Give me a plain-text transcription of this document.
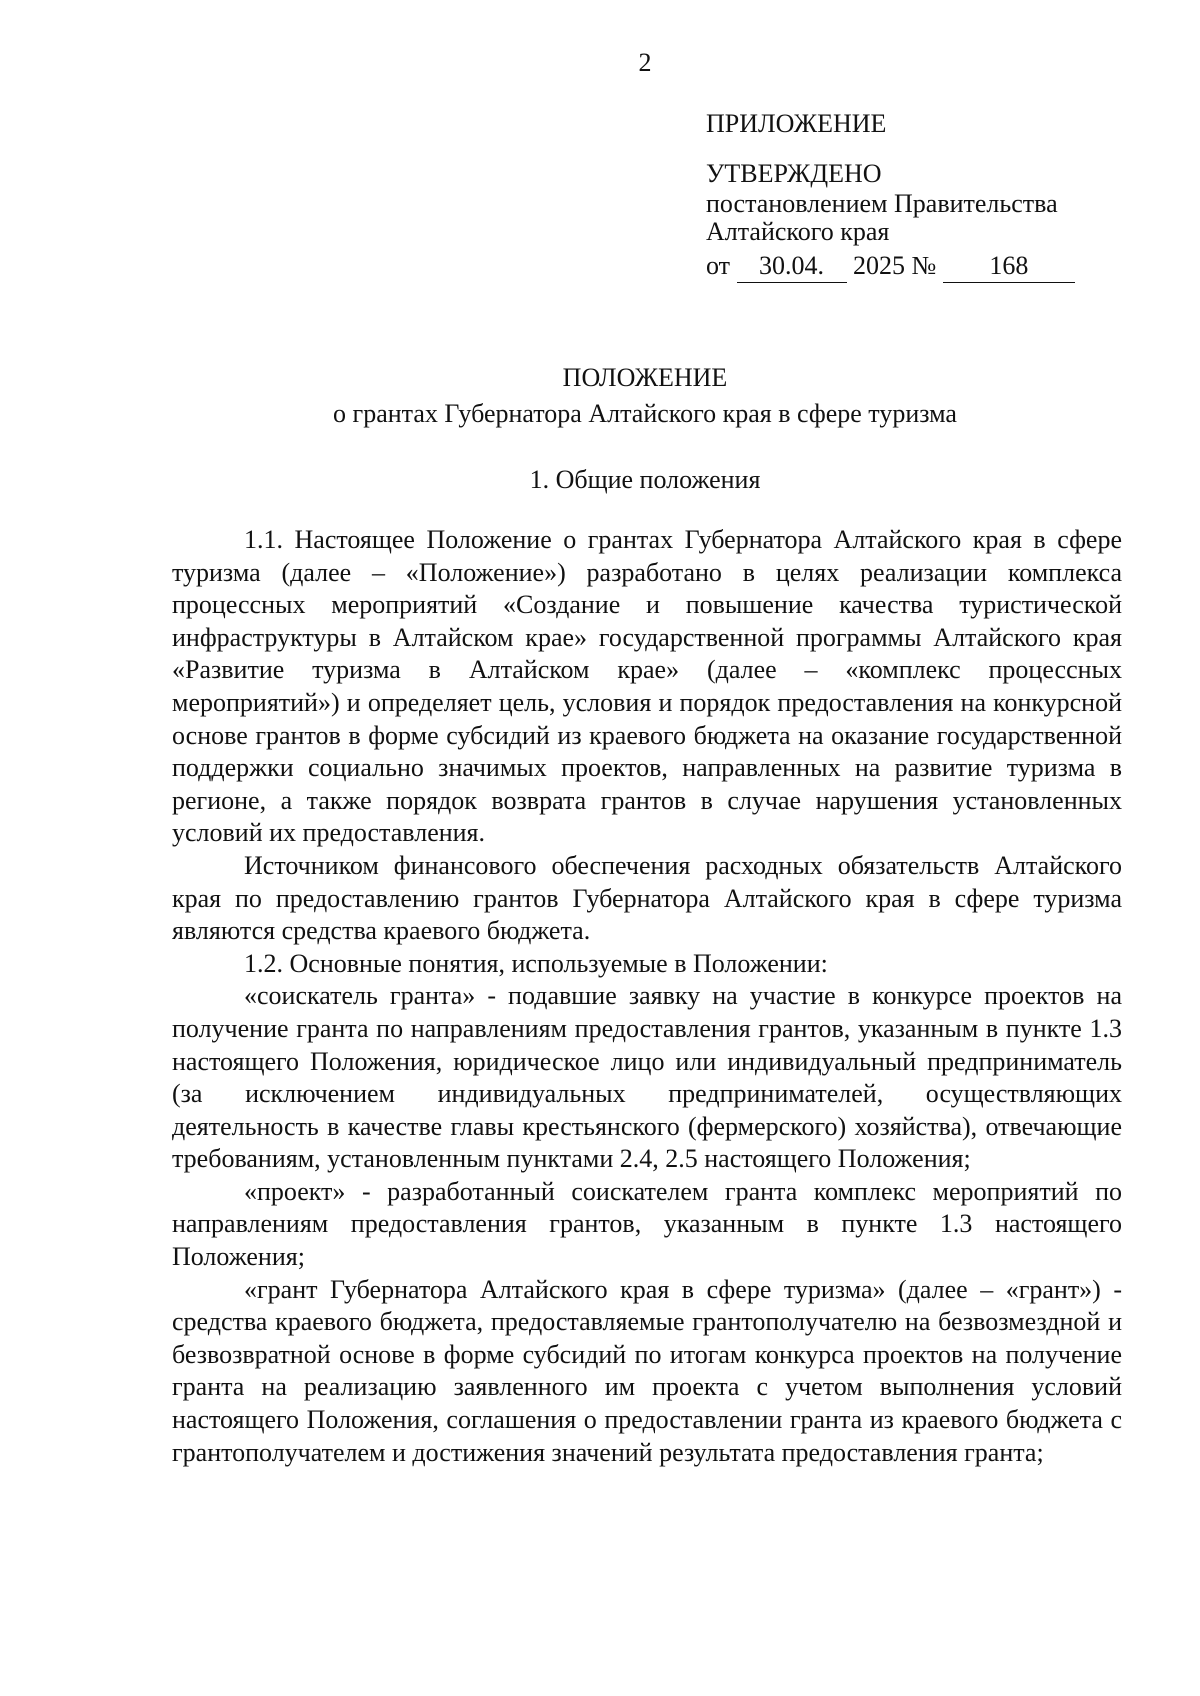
2
ПРИЛОЖЕНИЕ
УТВЕРЖДЕНО
постановлением Правительства
Алтайского края
от 30.04. 2025 № 168
ПОЛОЖЕНИЕ
о грантах Губернатора Алтайского края в сфере туризма
1. Общие положения

1.1. Настоящее Положение о грантах Губернатора Алтайского края в сфере туризма (далее – «Положение») разработано в целях реализации комплекса процессных мероприятий «Создание и повышение качества туристической инфраструктуры в Алтайском крае» государственной программы Алтайского края «Развитие туризма в Алтайском крае» (далее – «комплекс процессных мероприятий») и определяет цель, условия и порядок предоставления на конкурсной основе грантов в форме субсидий из краевого бюджета на оказание государственной поддержки социально значимых проектов, направленных на развитие туризма в регионе, а также порядок возврата грантов в случае нарушения установленных условий их предоставления.

Источником финансового обеспечения расходных обязательств Алтайского края по предоставлению грантов Губернатора Алтайского края в сфере туризма являются средства краевого бюджета.

1.2. Основные понятия, используемые в Положении:

«соискатель гранта» - подавшие заявку на участие в конкурсе проектов на получение гранта по направлениям предоставления грантов, указанным в пункте 1.3 настоящего Положения, юридическое лицо или индивидуальный предприниматель (за исключением индивидуальных предпринимателей, осуществляющих деятельность в качестве главы крестьянского (фермерского) хозяйства), отвечающие требованиям, установленным пунктами 2.4, 2.5 настоящего Положения;

«проект» - разработанный соискателем гранта комплекс мероприятий по направлениям предоставления грантов, указанным в пункте 1.3 настоящего Положения;

«грант Губернатора Алтайского края в сфере туризма» (далее – «грант») - средства краевого бюджета, предоставляемые грантополучателю на безвозмездной и безвозвратной основе в форме субсидий по итогам конкурса проектов на получение гранта на реализацию заявленного им проекта с учетом выполнения условий настоящего Положения, соглашения о предоставлении гранта из краевого бюджета с грантополучателем и достижения значений результата предоставления гранта;
